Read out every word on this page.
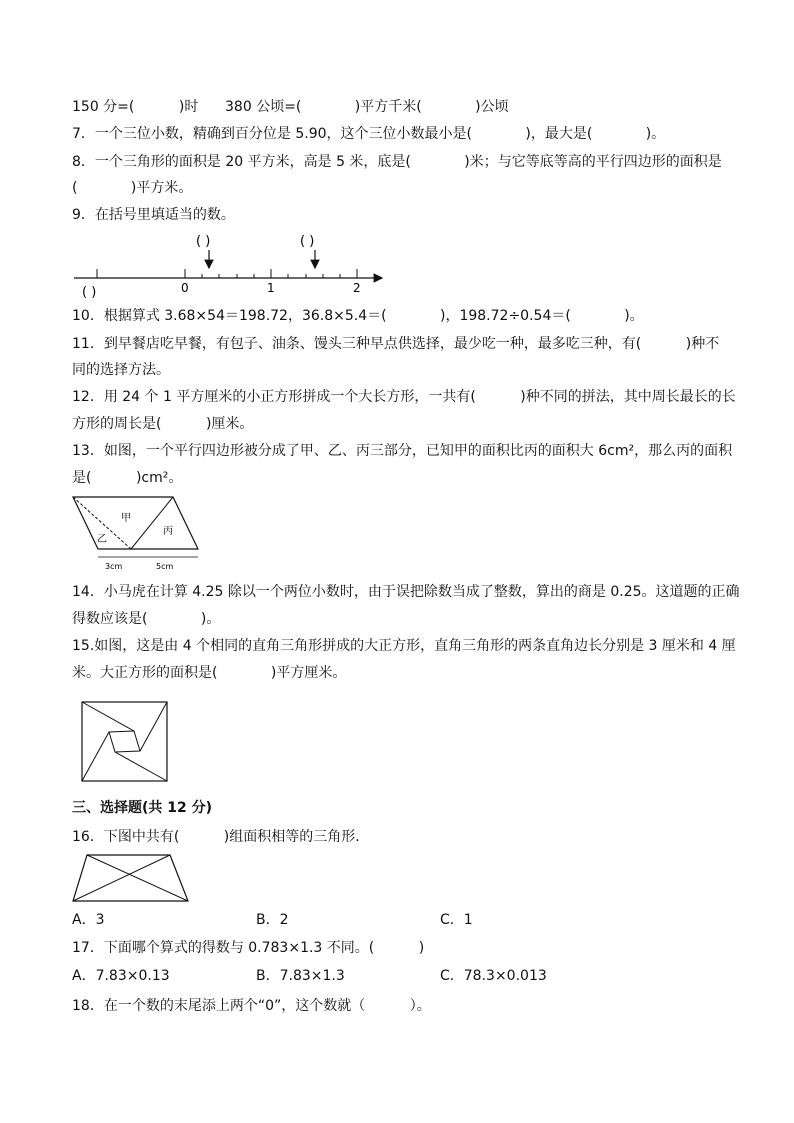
150 分=(          )时      380 公顷=(            )平方千米(            )公顷
7．一个三位小数，精确到百分位是 5.90，这个三位小数最小是(            )，最大是(            )。
8．一个三角形的面积是 20 平方米，高是 5 米，底是(            )米；与它等底等高的平行四边形的面积是
(            )平方米。
9．在括号里填适当的数。
( )	( )
0	1	2
( )
10．根据算式 3.68×54＝198.72，36.8×5.4＝(            )，198.72÷0.54＝(            )。
11．到早餐店吃早餐，有包子、油条、馒头三种早点供选择，最少吃一种，最多吃三种，有(          )种不
同的选择方法。
12．用 24 个 1 平方厘米的小正方形拼成一个大长方形，一共有(          )种不同的拼法，其中周长最长的长
方形的周长是(          )厘米。
13．如图，一个平行四边形被分成了甲、乙、丙三部分，已知甲的面积比丙的面积大 6cm²，那么丙的面积
是(          )cm²。
甲
丙
乙
3cm	5cm
14．小马虎在计算 4.25 除以一个两位小数时，由于误把除数当成了整数，算出的商是 0.25。这道题的正确
得数应该是(            )。
15.如图，这是由 4 个相同的直角三角形拼成的大正方形，直角三角形的两条直角边长分别是 3 厘米和 4 厘
米。大正方形的面积是(            )平方厘米。
三、选择题(共 12 分)
16．下图中共有(          )组面积相等的三角形．
A．3	B．2	C．1
17．下面哪个算式的得数与 0.783×1.3 不同。(          )
A．7.83×0.13	B．7.83×1.3	C．78.3×0.013
18．在一个数的末尾添上两个“0”，这个数就（          ）。
